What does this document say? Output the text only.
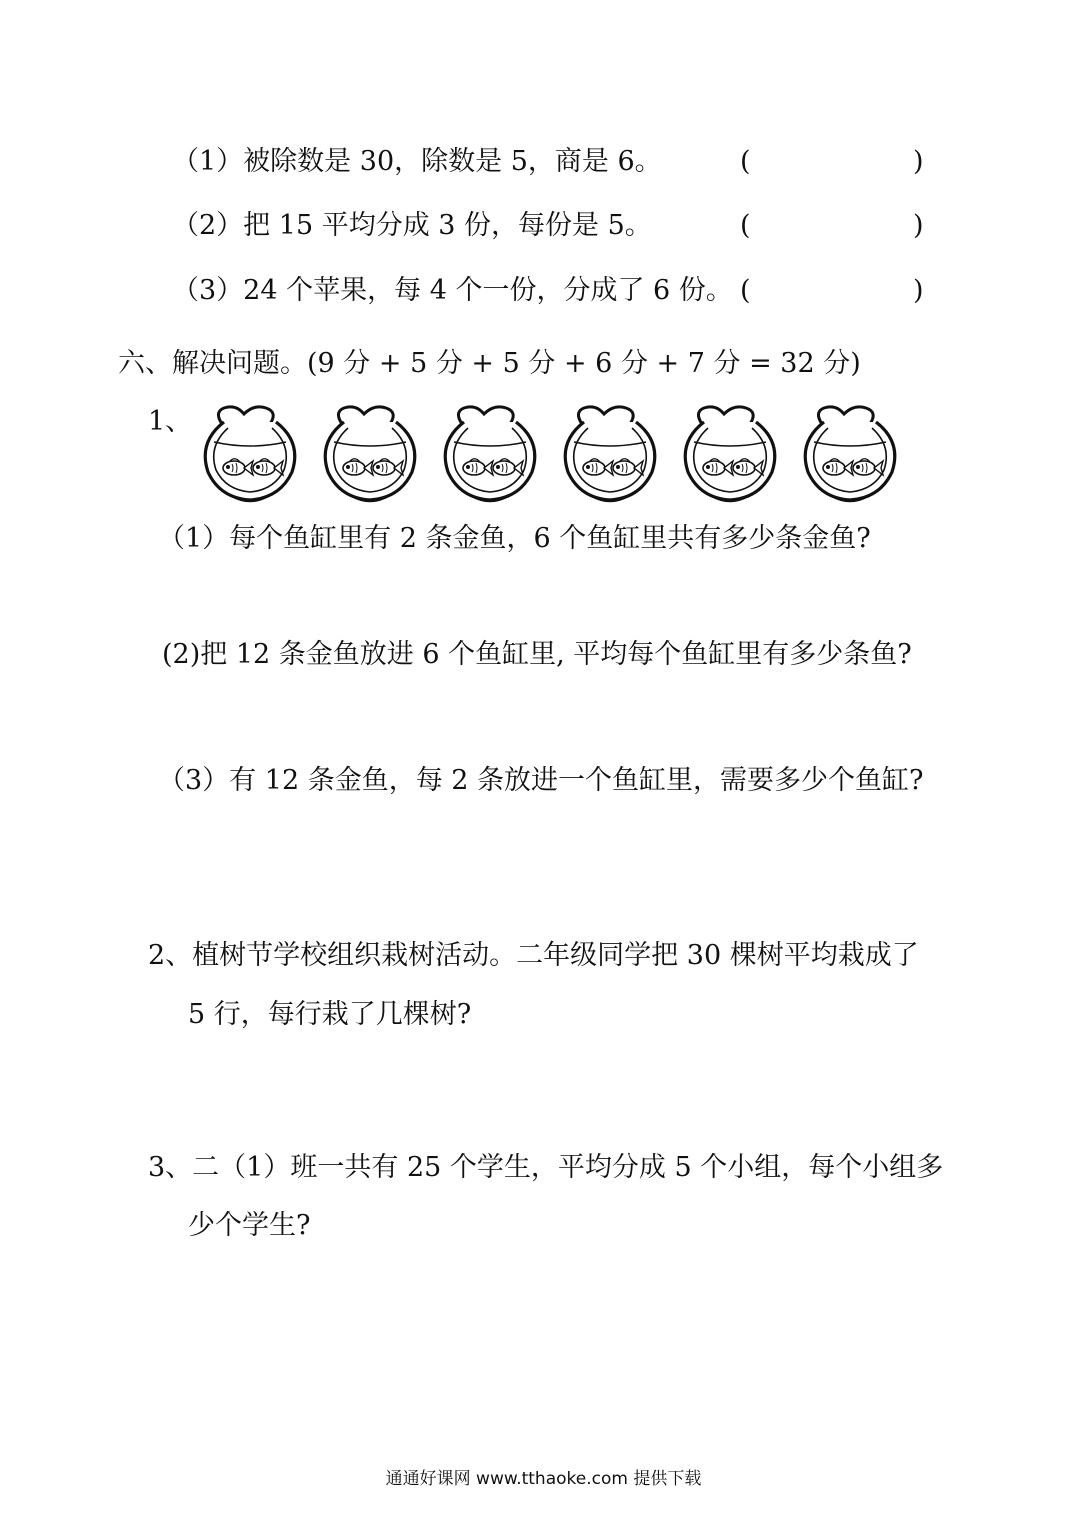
（1）被除数是 30，除数是 5，商是 6。	(	)
（2）把 15 平均分成 3 份，每份是 5。	(	)
（3）24 个苹果，每 4 个一份，分成了 6 份。 (	)
六、解决问题。(9 分 + 5 分 + 5 分 + 6 分 + 7 分 = 32 分)
1、
（1）每个鱼缸里有 2 条金鱼，6 个鱼缸里共有多少条金鱼?
(2)把 12 条金鱼放进 6 个鱼缸里, 平均每个鱼缸里有多少条鱼?
（3）有 12 条金鱼，每 2 条放进一个鱼缸里，需要多少个鱼缸?
2、植树节学校组织栽树活动。二年级同学把 30 棵树平均栽成了
5 行，每行栽了几棵树?
3、二（1）班一共有 25 个学生，平均分成 5 个小组，每个小组多
少个学生?
通通好课网 www.tthaoke.com 提供下载
